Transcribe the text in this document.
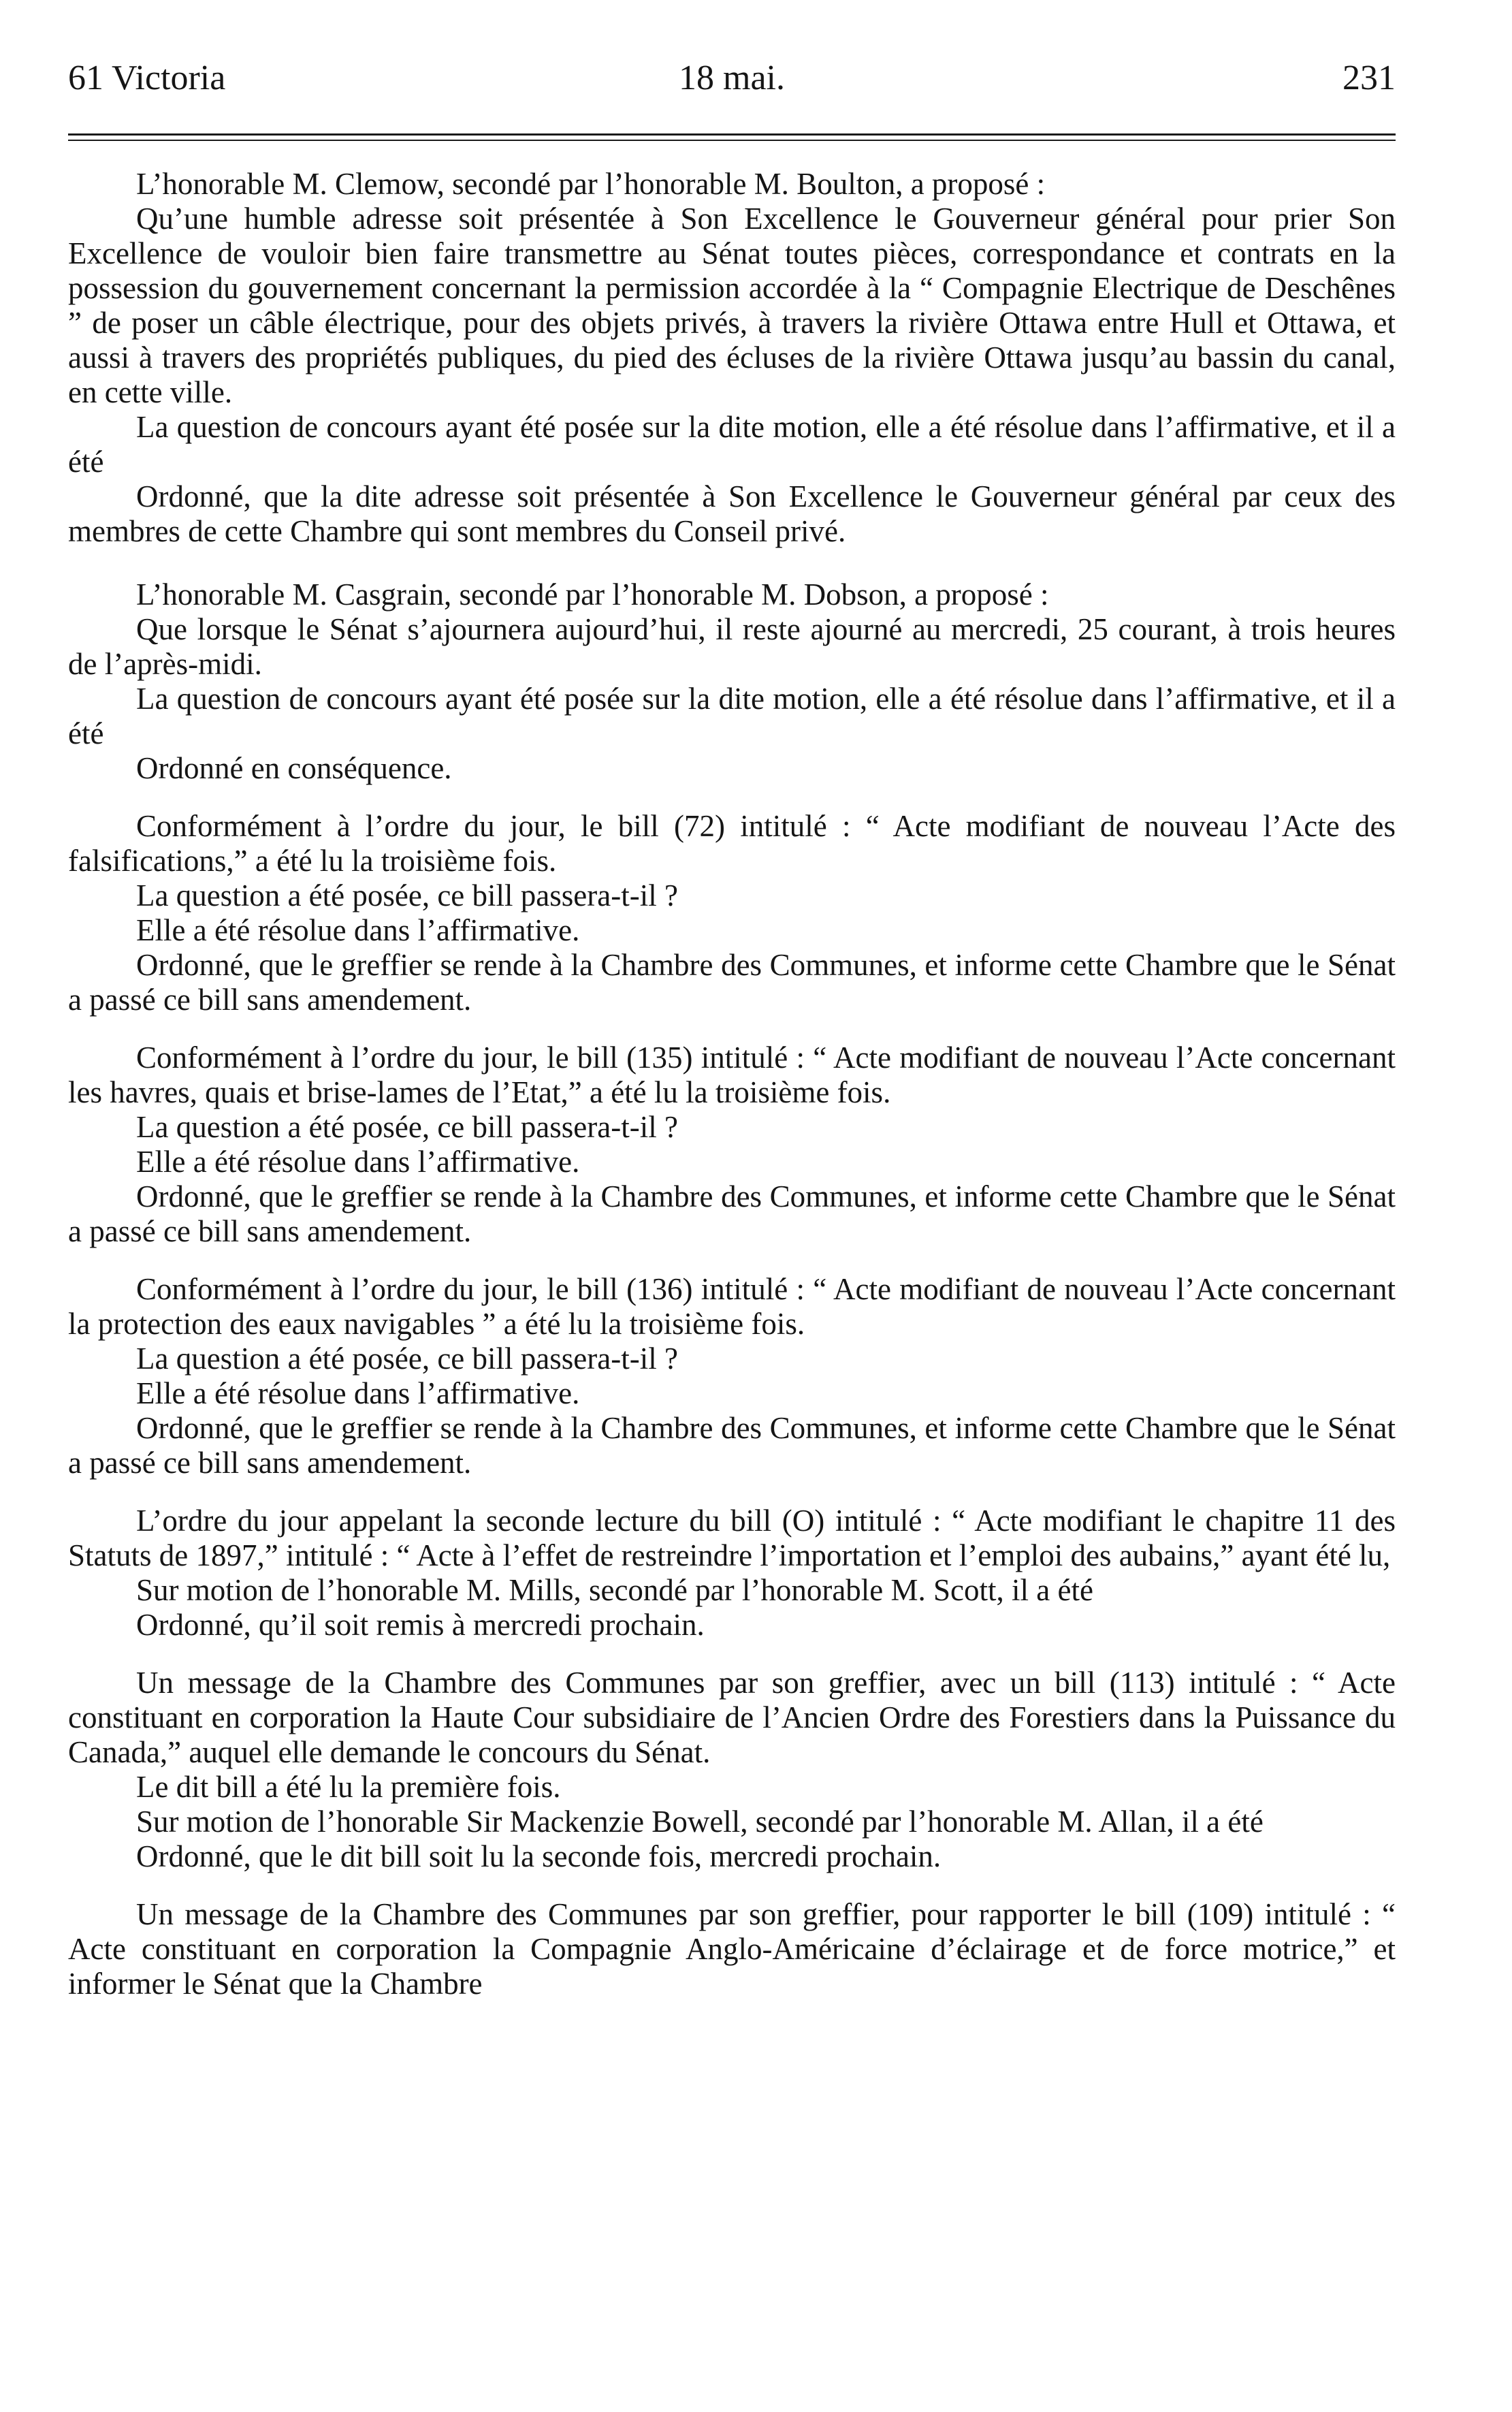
61 Victoria	18 mai.	231

L’honorable M. Clemow, secondé par l’honorable M. Boulton, a proposé :

Qu’une humble adresse soit présentée à Son Excellence le Gouverneur général pour prier Son Excellence de vouloir bien faire transmettre au Sénat toutes pièces, correspondance et contrats en la possession du gouvernement concernant la permission accordée à la “ Compagnie Electrique de Deschênes ” de poser un câble électrique, pour des objets privés, à travers la rivière Ottawa entre Hull et Ottawa, et aussi à travers des propriétés publiques, du pied des écluses de la rivière Ottawa jusqu’au bassin du canal, en cette ville.

La question de concours ayant été posée sur la dite motion, elle a été résolue dans l’affirmative, et il a été

Ordonné, que la dite adresse soit présentée à Son Excellence le Gouverneur général par ceux des membres de cette Chambre qui sont membres du Conseil privé.

L’honorable M. Casgrain, secondé par l’honorable M. Dobson, a proposé :

Que lorsque le Sénat s’ajournera aujourd’hui, il reste ajourné au mercredi, 25 courant, à trois heures de l’après-midi.

La question de concours ayant été posée sur la dite motion, elle a été résolue dans l’affirmative, et il a été

Ordonné en conséquence.

Conformément à l’ordre du jour, le bill (72) intitulé : “ Acte modifiant de nouveau l’Acte des falsifications,” a été lu la troisième fois.

La question a été posée, ce bill passera-t-il ?

Elle a été résolue dans l’affirmative.

Ordonné, que le greffier se rende à la Chambre des Communes, et informe cette Chambre que le Sénat a passé ce bill sans amendement.

Conformément à l’ordre du jour, le bill (135) intitulé : “ Acte modifiant de nouveau l’Acte concernant les havres, quais et brise-lames de l’Etat,” a été lu la troisième fois.

La question a été posée, ce bill passera-t-il ?

Elle a été résolue dans l’affirmative.

Ordonné, que le greffier se rende à la Chambre des Communes, et informe cette Chambre que le Sénat a passé ce bill sans amendement.

Conformément à l’ordre du jour, le bill (136) intitulé : “ Acte modifiant de nouveau l’Acte concernant la protection des eaux navigables ” a été lu la troisième fois.

La question a été posée, ce bill passera-t-il ?

Elle a été résolue dans l’affirmative.

Ordonné, que le greffier se rende à la Chambre des Communes, et informe cette Chambre que le Sénat a passé ce bill sans amendement.

L’ordre du jour appelant la seconde lecture du bill (O) intitulé : “ Acte modifiant le chapitre 11 des Statuts de 1897,” intitulé : “ Acte à l’effet de restreindre l’importation et l’emploi des aubains,” ayant été lu,

Sur motion de l’honorable M. Mills, secondé par l’honorable M. Scott, il a été

Ordonné, qu’il soit remis à mercredi prochain.

Un message de la Chambre des Communes par son greffier, avec un bill (113) intitulé : “ Acte constituant en corporation la Haute Cour subsidiaire de l’Ancien Ordre des Forestiers dans la Puissance du Canada,” auquel elle demande le concours du Sénat.

Le dit bill a été lu la première fois.

Sur motion de l’honorable Sir Mackenzie Bowell, secondé par l’honorable M. Allan, il a été

Ordonné, que le dit bill soit lu la seconde fois, mercredi prochain.

Un message de la Chambre des Communes par son greffier, pour rapporter le bill (109) intitulé : “ Acte constituant en corporation la Compagnie Anglo-Américaine d’éclairage et de force motrice,” et informer le Sénat que la Chambre
